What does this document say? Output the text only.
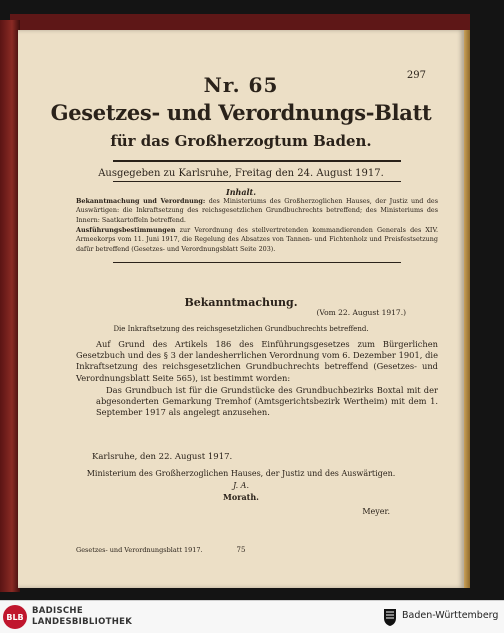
297
Nr. 65
Gesetzes- und Verordnungs-Blatt
für das Großherzogtum Baden.
Ausgegeben zu Karlsruhe, Freitag den 24. August 1917.
Inhalt.
Bekanntmachung und Verordnung: des Ministeriums des Großherzoglichen Hauses, der Justiz und des Auswärtigen: die Inkraftsetzung des reichsgesetzlichen Grundbuchrechts betreffend; des Ministeriums des Innern: Saatkartoffeln betreffend.
Ausführungsbestimmungen zur Verordnung des stellvertretenden kommandierenden Generals des XIV. Armeekorps vom 11. Juni 1917, die Regelung des Absatzes von Tannen- und Fichtenholz und Preisfestsetzung dafür betreffend (Gesetzes- und Verordnungsblatt Seite 203).
Bekanntmachung.
(Vom 22. August 1917.)
Die Inkraftsetzung des reichsgesetzlichen Grundbuchrechts betreffend.
Auf Grund des Artikels 186 des Einführungsgesetzes zum Bürgerlichen Gesetzbuch und des § 3 der landesherrlichen Verordnung vom 6. Dezember 1901, die Inkraftsetzung des reichsgesetzlichen Grundbuchrechts betreffend (Gesetzes- und Verordnungsblatt Seite 565), ist bestimmt worden:
Das Grundbuch ist für die Grundstücke des Grundbuchbezirks Boxtal mit der abgesonderten Gemarkung Tremhof (Amtsgerichtsbezirk Wertheim) mit dem 1. September 1917 als angelegt anzusehen.
Karlsruhe, den 22. August 1917.
Ministerium des Großherzoglichen Hauses, der Justiz und des Auswärtigen.
J. A.
Morath.
Meyer.
Gesetzes- und Verordnungsblatt 1917.	75
BLB
BADISCHE
LANDESBIBLIOTHEK
Baden-Württemberg
